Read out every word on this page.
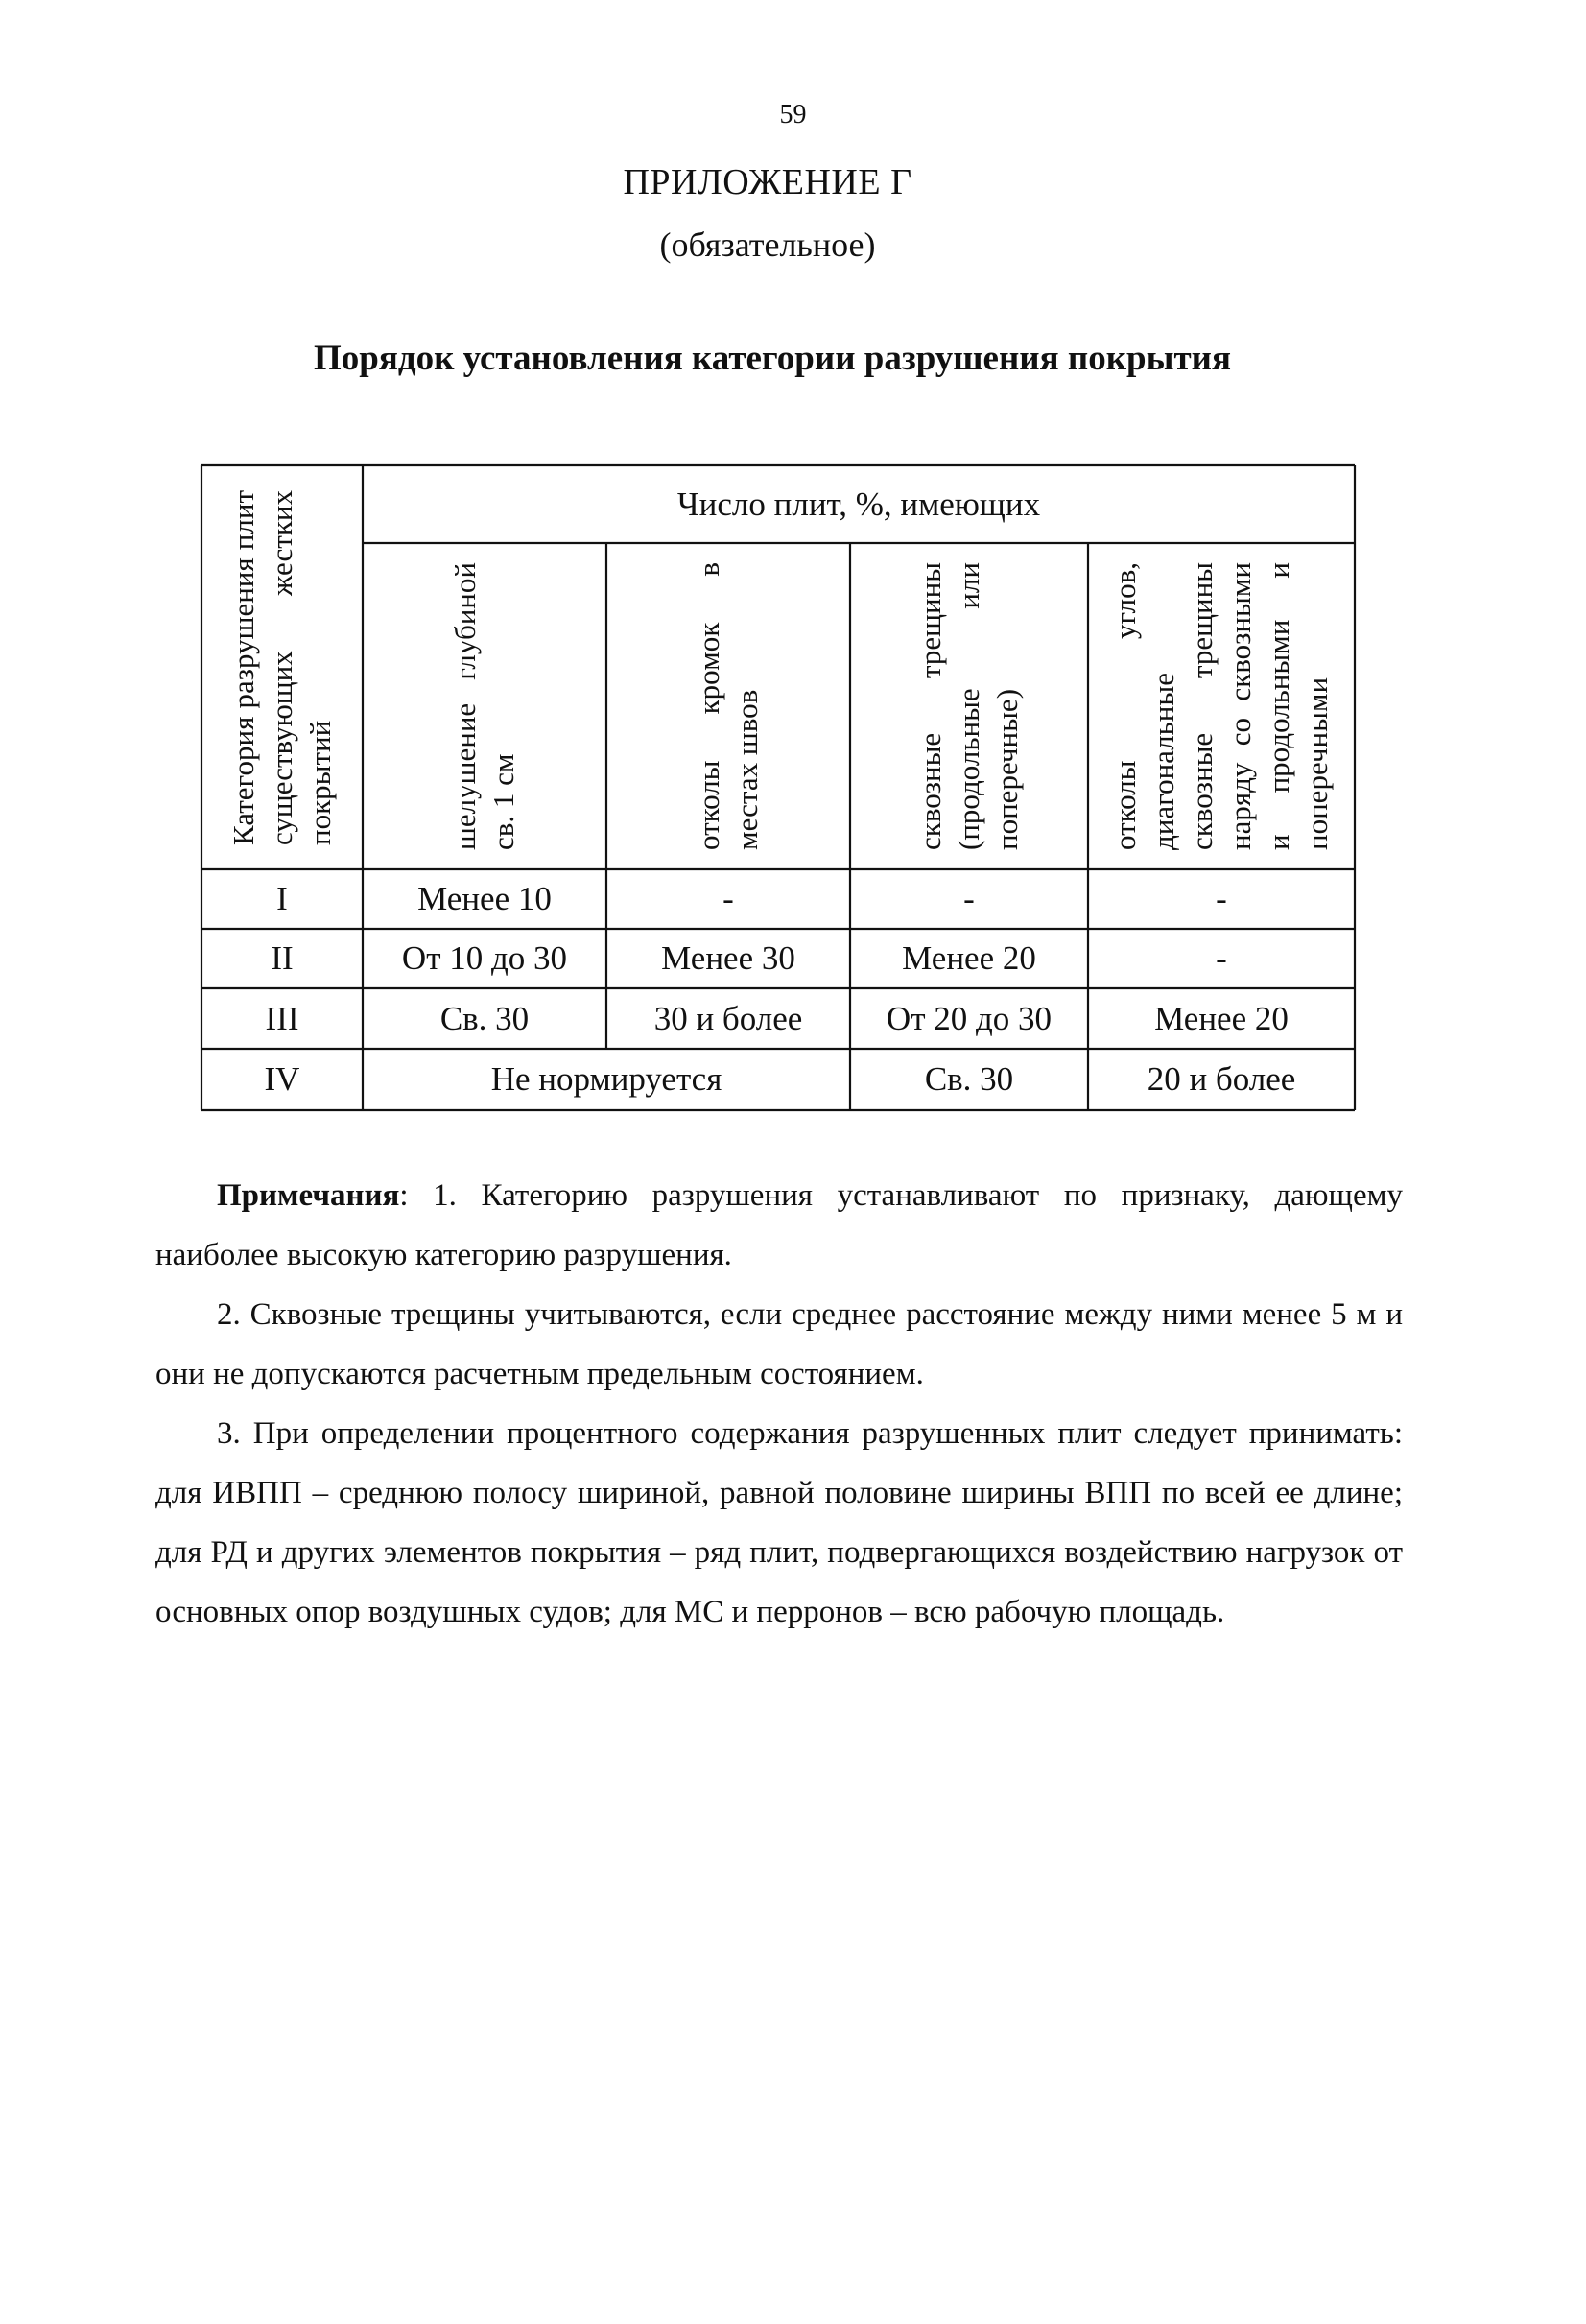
59
ПРИЛОЖЕНИЕ Г
(обязательное)
Порядок установления категории разрушения покрытия
Категория разрушения плит существующих жестких покрытий
Число плит, %, имеющих
шелушение глубиной св. 1 см	отколы кромок в местах швов	сквозные трещины (продольные или поперечные)	отколы углов, диагональные сквозные трещины наряду со сквозными и продольными и поперечными
I	Менее 10	-	-	-
II	От 10 до 30	Менее 30	Менее 20	-
III	Св. 30	30 и более	От 20 до 30	Менее 20
IV	Не нормируется	Св. 30	20 и более

Примечания: 1. Категорию разрушения устанавливают по признаку, дающему наиболее высокую категорию разрушения.

2. Сквозные трещины учитываются, если среднее расстояние между ними менее 5 м и они не допускаются расчетным предельным состоянием.

3. При определении процентного содержания разрушенных плит следует принимать: для ИВПП – среднюю полосу шириной, равной половине ширины ВПП по всей ее длине; для РД и других элементов покрытия – ряд плит, подвергающихся воздействию нагрузок от основных опор воздушных судов; для МС и перронов – всю рабочую площадь.
